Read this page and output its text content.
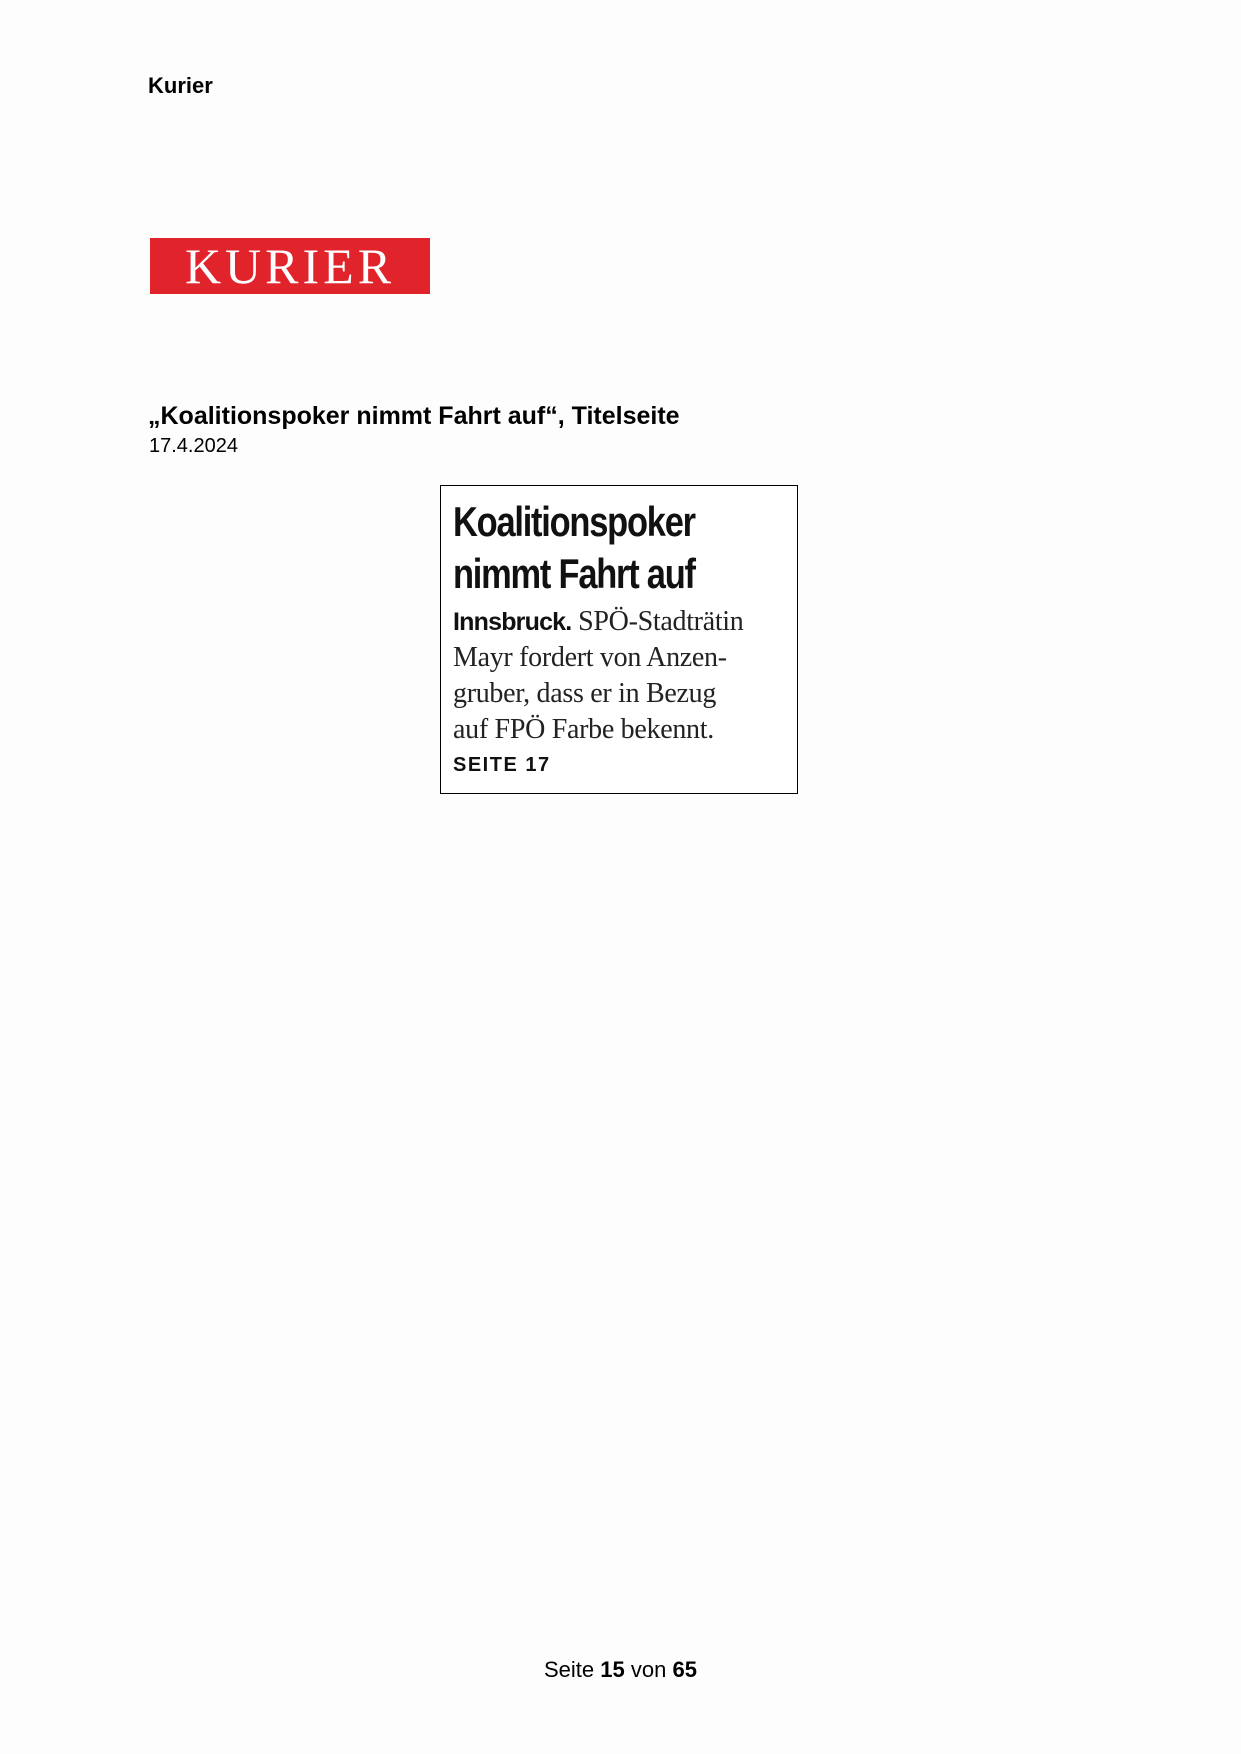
Kurier
KURIER
„Koalitionspoker nimmt Fahrt auf“, Titelseite
17.4.2024
Koalitionspoker
nimmt Fahrt auf
Innsbruck. SPÖ-Stadträtin
Mayr fordert von Anzen-
gruber, dass er in Bezug
auf FPÖ Farbe bekennt.
SEITE 17
Seite 15 von 65
